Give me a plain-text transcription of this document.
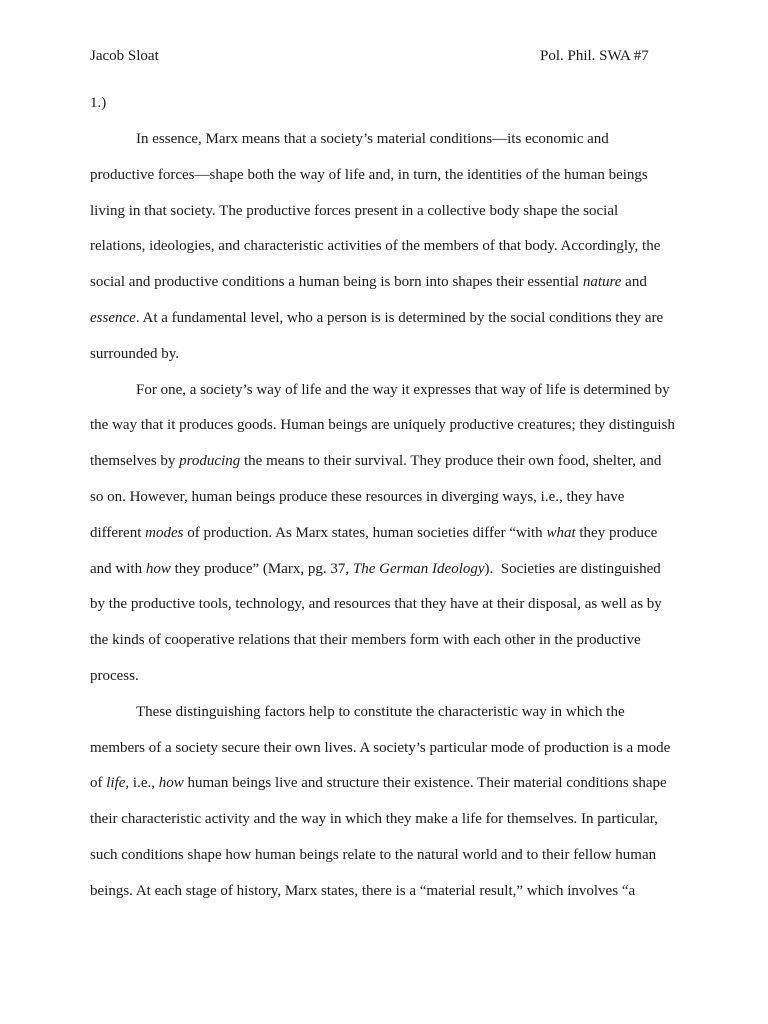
Jacob Sloat	Pol. Phil. SWA #7
1.)
In essence, Marx means that a society’s material conditions—its economic and
productive forces—shape both the way of life and, in turn, the identities of the human beings
living in that society. The productive forces present in a collective body shape the social
relations, ideologies, and characteristic activities of the members of that body. Accordingly, the
social and productive conditions a human being is born into shapes their essential nature and
essence. At a fundamental level, who a person is is determined by the social conditions they are
surrounded by.
For one, a society’s way of life and the way it expresses that way of life is determined by
the way that it produces goods. Human beings are uniquely productive creatures; they distinguish
themselves by producing the means to their survival. They produce their own food, shelter, and
so on. However, human beings produce these resources in diverging ways, i.e., they have
different modes of production. As Marx states, human societies differ “with what they produce
and with how they produce” (Marx, pg. 37, The German Ideology).  Societies are distinguished
by the productive tools, technology, and resources that they have at their disposal, as well as by
the kinds of cooperative relations that their members form with each other in the productive
process.
These distinguishing factors help to constitute the characteristic way in which the
members of a society secure their own lives. A society’s particular mode of production is a mode
of life, i.e., how human beings live and structure their existence. Their material conditions shape
their characteristic activity and the way in which they make a life for themselves. In particular,
such conditions shape how human beings relate to the natural world and to their fellow human
beings. At each stage of history, Marx states, there is a “material result,” which involves “a
